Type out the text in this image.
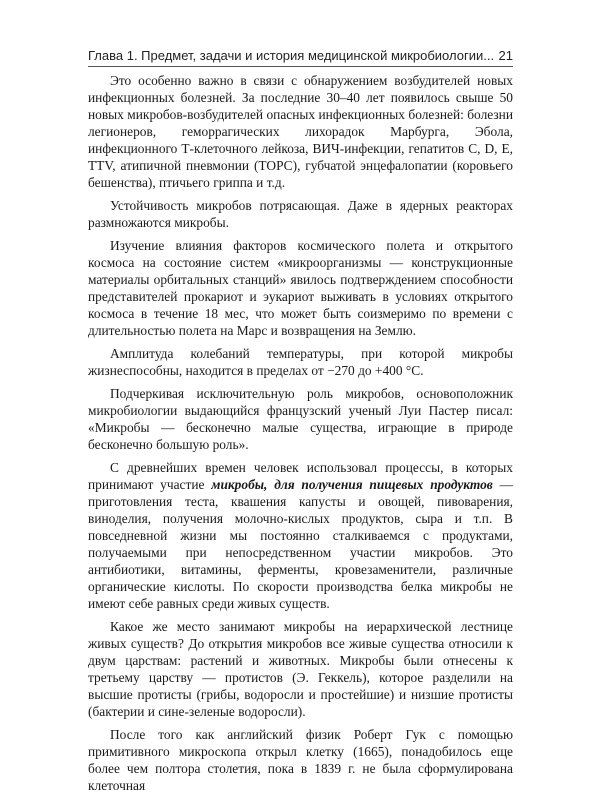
Глава 1. Предмет, задачи и история медицинской микробиологии... 21

Это особенно важно в связи с обнаружением возбудителей новых инфекционных болезней. За последние 30–40 лет появилось свыше 50 новых микробов-возбудителей опасных инфекционных болезней: болезни легионеров, геморрагических лихорадок Марбурга, Эбола, инфекционного Т-клеточного лейкоза, ВИЧ-инфекции, гепатитов С, D, E, TTV, атипичной пневмонии (ТОРС), губчатой энцефалопатии (коровьего бешенства), птичьего гриппа и т.д.

Устойчивость микробов потрясающая. Даже в ядерных реакторах размножаются микробы.

Изучение влияния факторов космического полета и открытого космоса на состояние систем «микроорганизмы — конструкционные материалы орбитальных станций» явилось подтверждением способности представителей прокариот и эукариот выживать в условиях открытого космоса в течение 18 мес, что может быть соизмеримо по времени с длительностью полета на Марс и возвращения на Землю.

Амплитуда колебаний температуры, при которой микробы жизнеспособны, находится в пределах от −270 до +400 °С.

Подчеркивая исключительную роль микробов, основоположник микробиологии выдающийся французский ученый Луи Пастер писал: «Микробы — бесконечно малые существа, играющие в природе бесконечно большую роль».

С древнейших времен человек использовал процессы, в которых принимают участие микробы, для получения пищевых продуктов — приготовления теста, квашения капусты и овощей, пивоварения, виноделия, получения молочно-кислых продуктов, сыра и т.п. В повседневной жизни мы постоянно сталкиваемся с продуктами, получаемыми при непосредственном участии микробов. Это антибиотики, витамины, ферменты, кровезаменители, различные органические кислоты. По скорости производства белка микробы не имеют себе равных среди живых существ.

Какое же место занимают микробы на иерархической лестнице живых существ? До открытия микробов все живые существа относили к двум царствам: растений и животных. Микробы были отнесены к третьему царству — протистов (Э. Геккель), которое разделили на высшие протисты (грибы, водоросли и простейшие) и низшие протисты (бактерии и сине-зеленые водоросли).

После того как английский физик Роберт Гук с помощью примитивного микроскопа открыл клетку (1665), понадобилось еще более чем полтора столетия, пока в 1839 г. не была сформулирована клеточная
